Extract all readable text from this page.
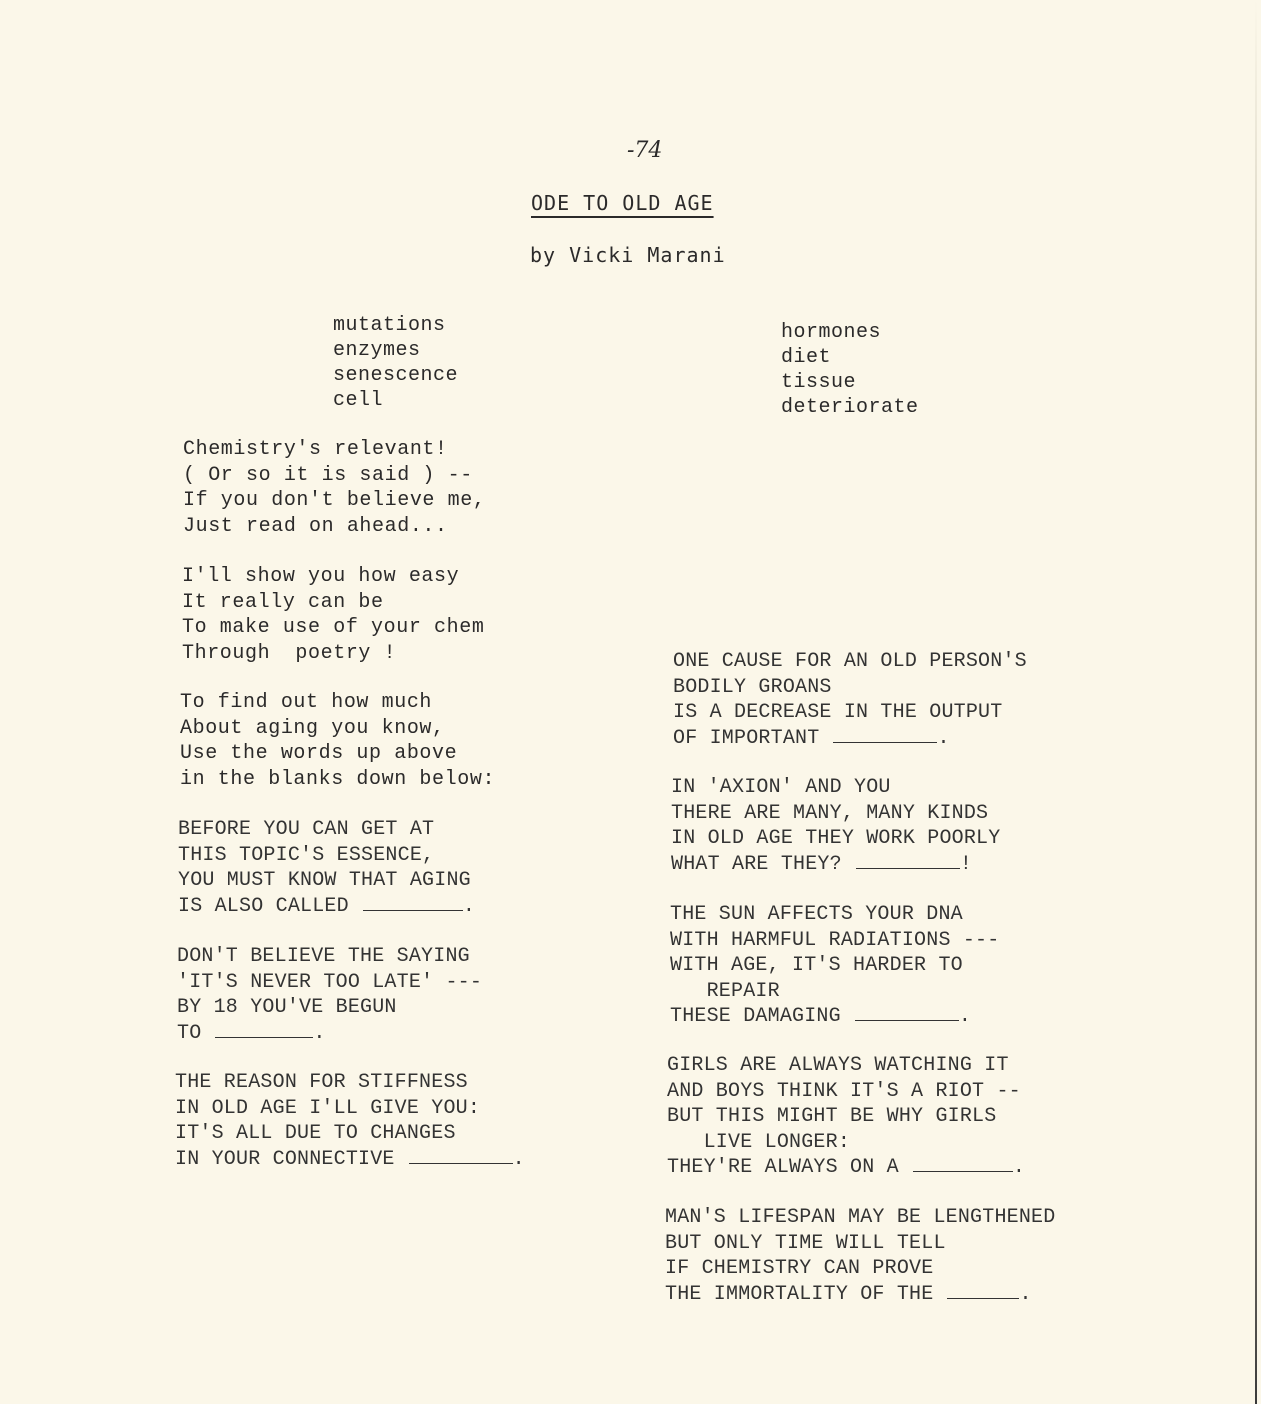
-74
ODE TO OLD AGE
by Vicki Marani
mutations
enzymes
senescence
cell
hormones
diet
tissue
deteriorate
Chemistry's relevant!
( Or so it is said ) --
If you don't believe me,
Just read on ahead...
I'll show you how easy
It really can be
To make use of your chem
Through  poetry !
To find out how much
About aging you know,
Use the words up above
in the blanks down below:
BEFORE YOU CAN GET AT
THIS TOPIC'S ESSENCE,
YOU MUST KNOW THAT AGING
IS ALSO CALLED	.
DON'T BELIEVE THE SAYING
'IT'S NEVER TOO LATE' ---
BY 18 YOU'VE BEGUN
TO	.
THE REASON FOR STIFFNESS
IN OLD AGE I'LL GIVE YOU:
IT'S ALL DUE TO CHANGES
IN YOUR CONNECTIVE	.
ONE CAUSE FOR AN OLD PERSON'S
BODILY GROANS
IS A DECREASE IN THE OUTPUT
OF IMPORTANT	.
IN 'AXION' AND YOU
THERE ARE MANY, MANY KINDS
IN OLD AGE THEY WORK POORLY
WHAT ARE THEY?	!
THE SUN AFFECTS YOUR DNA
WITH HARMFUL RADIATIONS ---
WITH AGE, IT'S HARDER TO
REPAIR
THESE DAMAGING	.
GIRLS ARE ALWAYS WATCHING IT
AND BOYS THINK IT'S A RIOT --
BUT THIS MIGHT BE WHY GIRLS
LIVE LONGER:
THEY'RE ALWAYS ON A	.
MAN'S LIFESPAN MAY BE LENGTHENED
BUT ONLY TIME WILL TELL
IF CHEMISTRY CAN PROVE
THE IMMORTALITY OF THE	.
